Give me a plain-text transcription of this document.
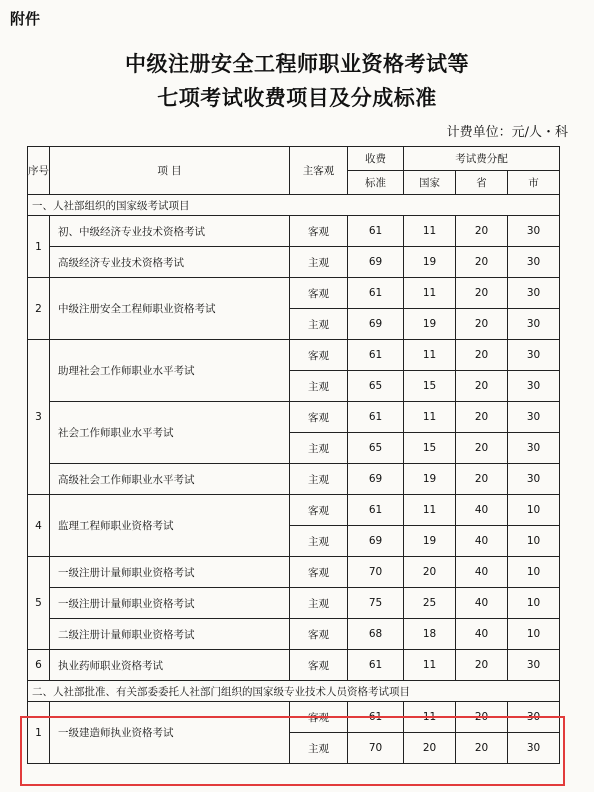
附件
中级注册安全工程师职业资格考试等
七项考试收费项目及分成标准
计费单位：元/人・科
序号	项 目	主客观	收费	考试费分配		
			标准	国家	省	市
一、人社部组织的国家级考试项目						
1	初、中级经济专业技术资格考试	客观	61	11	20	30
	高级经济专业技术资格考试	主观	69	19	20	30
2	中级注册安全工程师职业资格考试	客观	61	11	20	30
		主观	69	19	20	30
3	助理社会工作师职业水平考试	客观	61	11	20	30
		主观	65	15	20	30
	社会工作师职业水平考试	客观	61	11	20	30
		主观	65	15	20	30
	高级社会工作师职业水平考试	主观	69	19	20	30
4	监理工程师职业资格考试	客观	61	11	40	10
		主观	69	19	40	10
5	一级注册计量师职业资格考试	客观	70	20	40	10
	一级注册计量师职业资格考试	主观	75	25	40	10
	二级注册计量师职业资格考试	客观	68	18	40	10
6	执业药师职业资格考试	客观	61	11	20	30
二、人社部批准、有关部委委托人社部门组织的国家级专业技术人员资格考试项目						
1	一级建造师执业资格考试	客观	61	11	20	30
		主观	70	20	20	30
